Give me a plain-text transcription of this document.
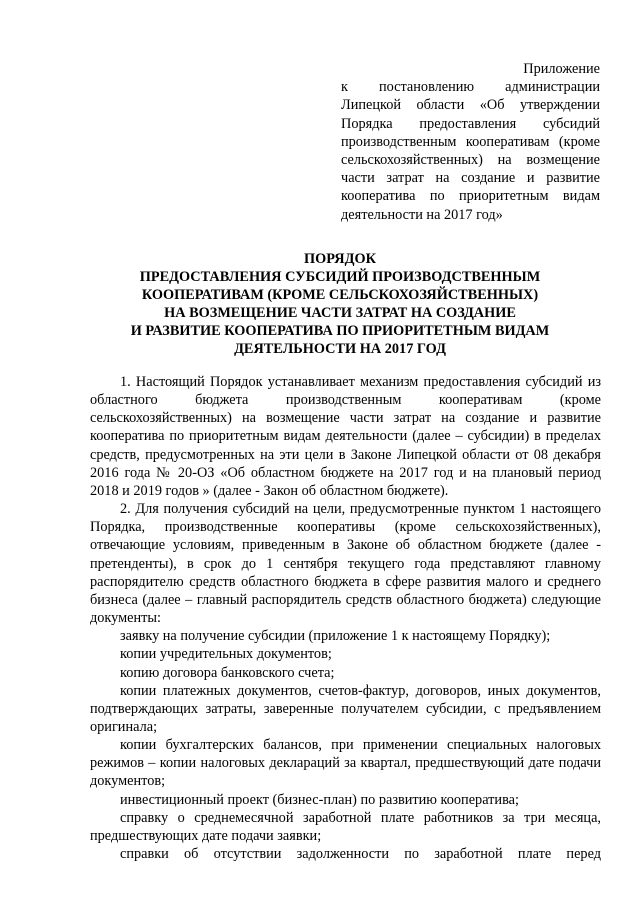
Приложение
к постановлению администрации Липецкой области «Об утверждении Порядка предоставления субсидий производственным кооперативам (кроме сельскохозяйственных) на возмещение части затрат на создание и развитие кооператива по приоритетным видам деятельности на 2017 год»
ПОРЯДОК
ПРЕДОСТАВЛЕНИЯ СУБСИДИЙ ПРОИЗВОДСТВЕННЫМ
КООПЕРАТИВАМ (КРОМЕ СЕЛЬСКОХОЗЯЙСТВЕННЫХ)
НА ВОЗМЕЩЕНИЕ ЧАСТИ ЗАТРАТ НА СОЗДАНИЕ
И РАЗВИТИЕ КООПЕРАТИВА ПО ПРИОРИТЕТНЫМ ВИДАМ
ДЕЯТЕЛЬНОСТИ НА 2017 ГОД

1. Настоящий Порядок устанавливает механизм предоставления субсидий из областного бюджета производственным кооперативам (кроме сельскохозяйственных) на возмещение части затрат на создание и развитие кооператива по приоритетным видам деятельности (далее – субсидии) в пределах средств, предусмотренных на эти цели в Законе Липецкой области от 08 декабря 2016 года № 20-ОЗ «Об областном бюджете на 2017 год и на плановый период 2018 и 2019 годов » (далее - Закон об областном бюджете).

2. Для получения субсидий на цели, предусмотренные пунктом 1 настоящего Порядка, производственные кооперативы (кроме сельскохозяйственных), отвечающие условиям, приведенным в Законе об областном бюджете (далее - претенденты), в срок до 1 сентября текущего года представляют главному распорядителю средств областного бюджета в сфере развития малого и среднего бизнеса (далее – главный распорядитель средств областного бюджета) следующие документы:

заявку на получение субсидии (приложение 1 к настоящему Порядку);

копии учредительных документов;

копию договора банковского счета;

копии платежных документов, счетов-фактур, договоров, иных документов, подтверждающих затраты, заверенные получателем субсидии, с предъявлением оригинала;

копии бухгалтерских балансов, при применении специальных налоговых режимов – копии налоговых деклараций за квартал, предшествующий дате подачи документов;

инвестиционный проект (бизнес-план) по развитию кооператива;

справку о среднемесячной заработной плате работников за три месяца, предшествующих дате подачи заявки;

справки об отсутствии задолженности по заработной плате перед
